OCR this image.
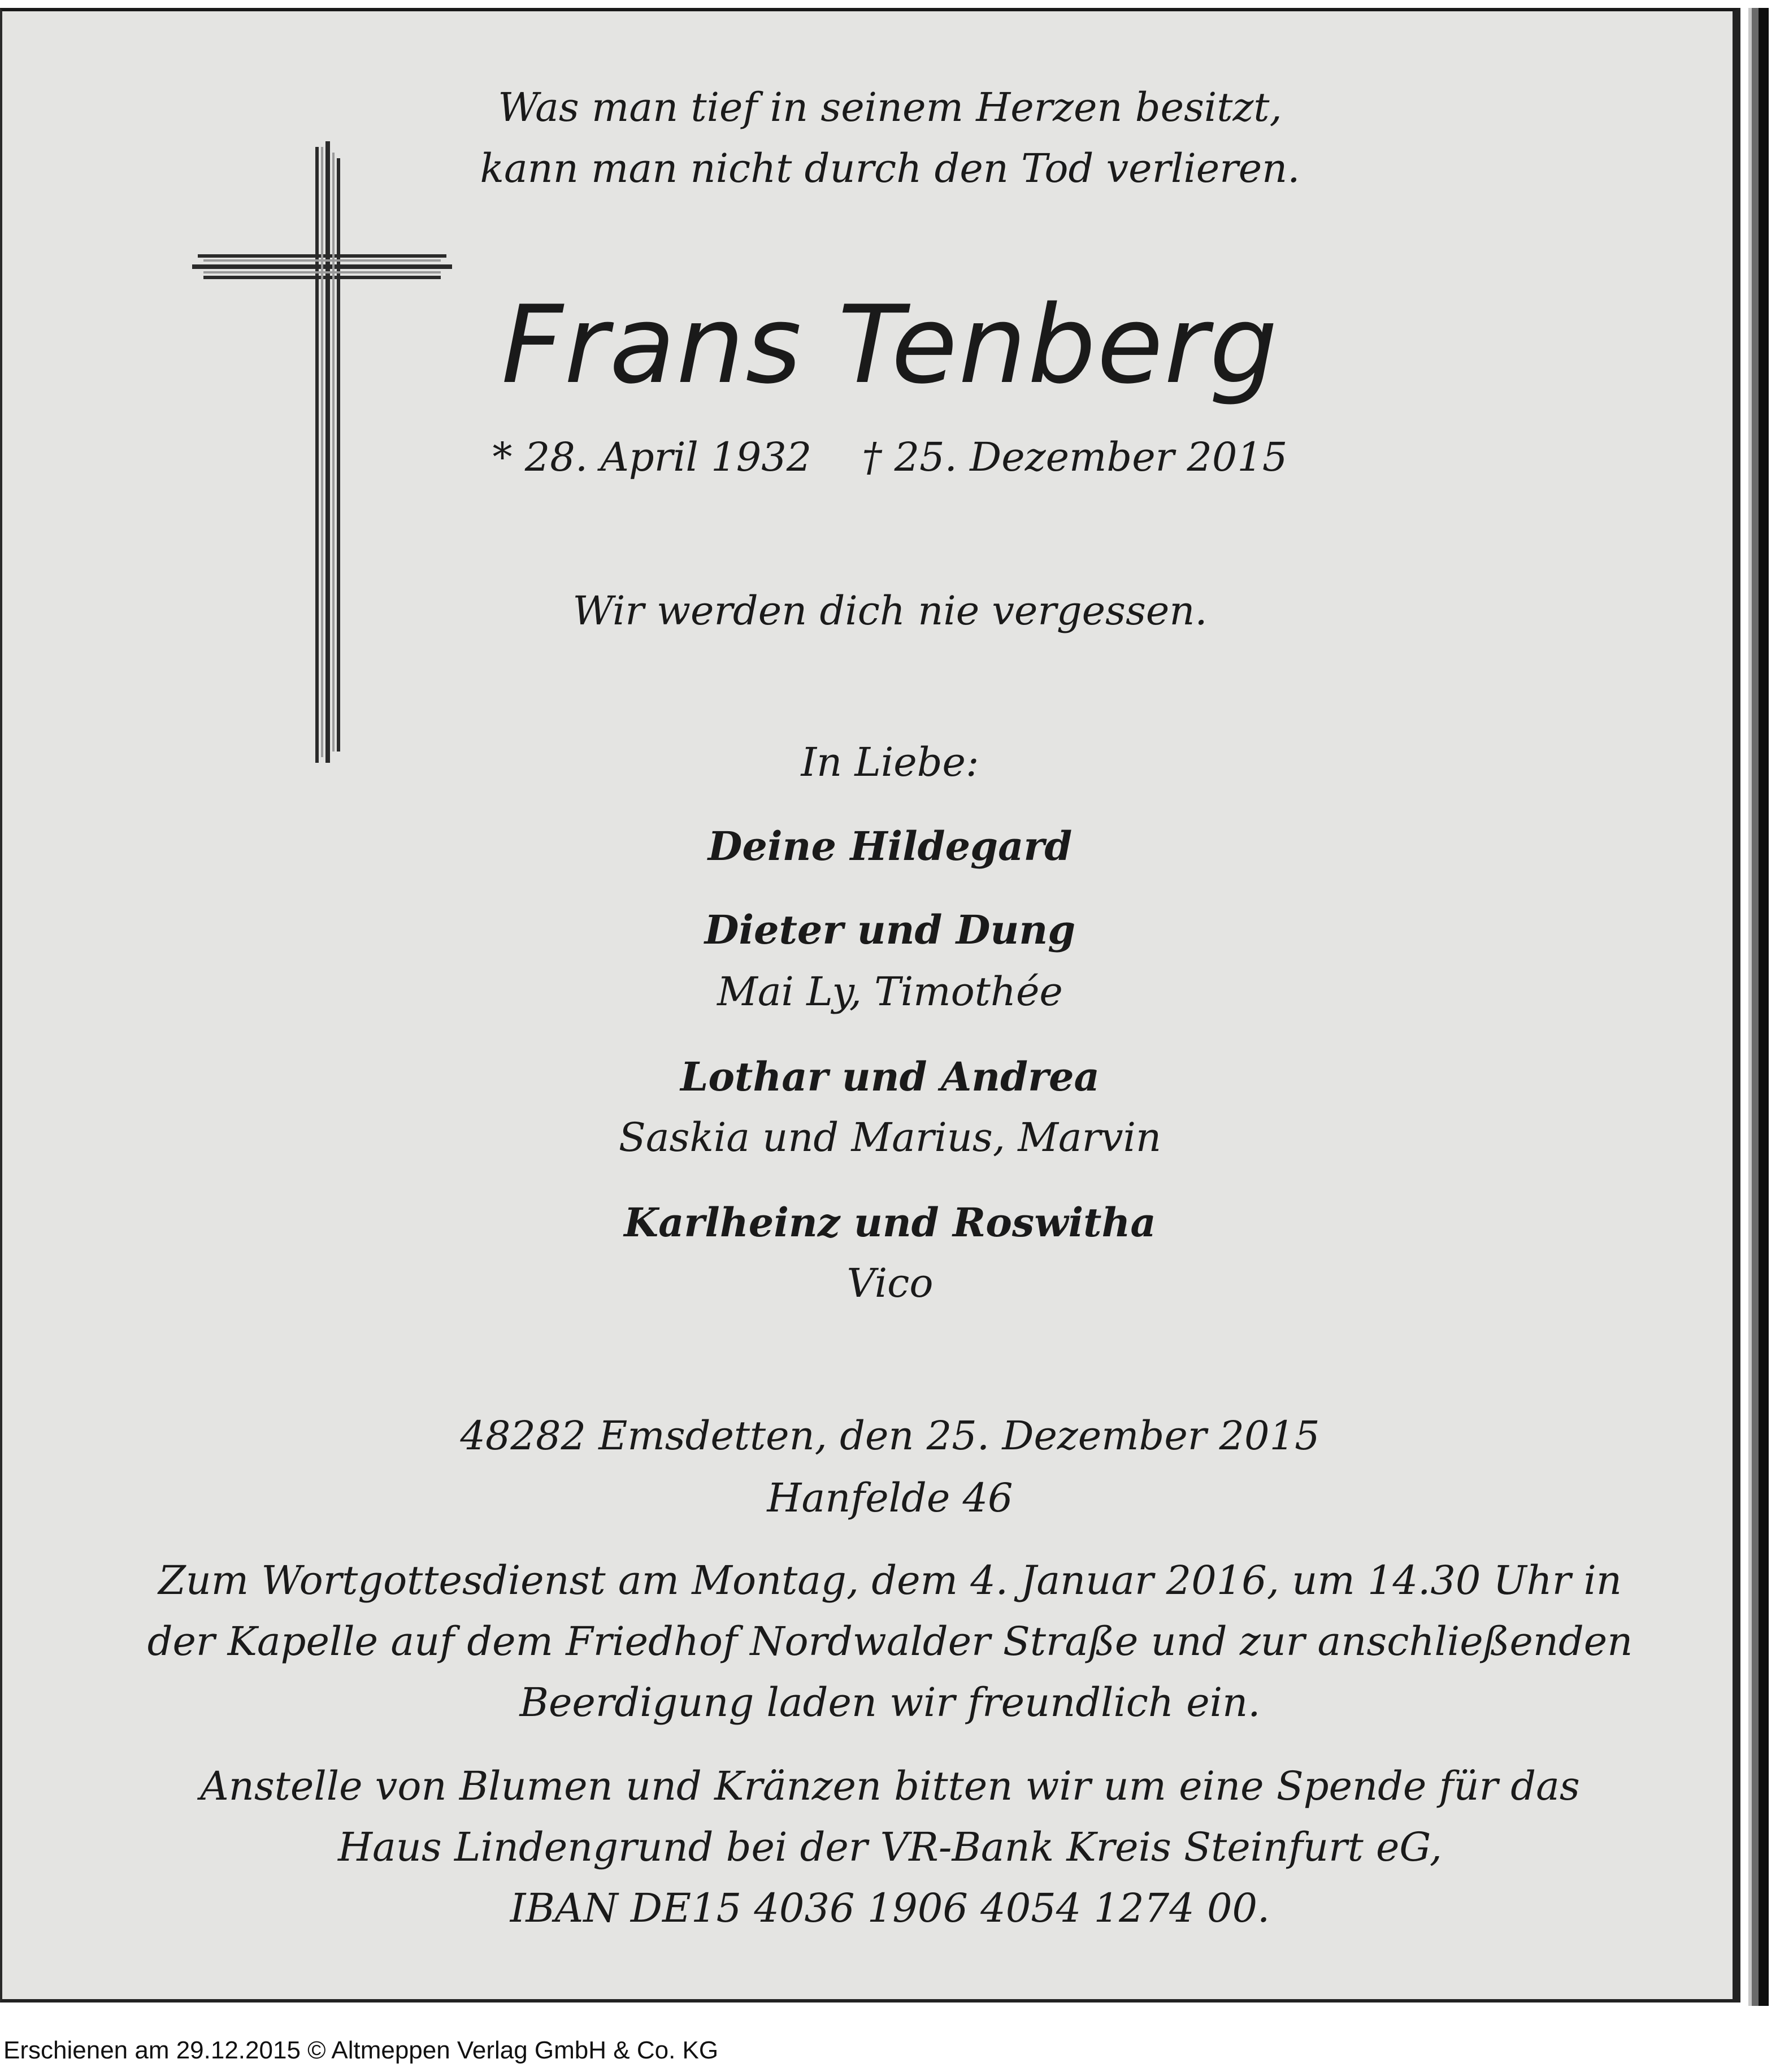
Was man tief in seinem Herzen besitzt,
kann man nicht durch den Tod verlieren.
Frans Tenberg
* 28. April 1932    † 25. Dezember 2015
Wir werden dich nie vergessen.
In Liebe:
Deine Hildegard
Dieter und Dung
Mai Ly, Timothée
Lothar und Andrea
Saskia und Marius, Marvin
Karlheinz und Roswitha
Vico
48282 Emsdetten, den 25. Dezember 2015
Hanfelde 46
Zum Wortgottesdienst am Montag, dem 4. Januar 2016, um 14.30 Uhr in
der Kapelle auf dem Friedhof Nordwalder Straße und zur anschließenden
Beerdigung laden wir freundlich ein.
Anstelle von Blumen und Kränzen bitten wir um eine Spende für das
Haus Lindengrund bei der VR-Bank Kreis Steinfurt eG,
IBAN DE15 4036 1906 4054 1274 00.
Erschienen am 29.12.2015 © Altmeppen Verlag GmbH & Co. KG
